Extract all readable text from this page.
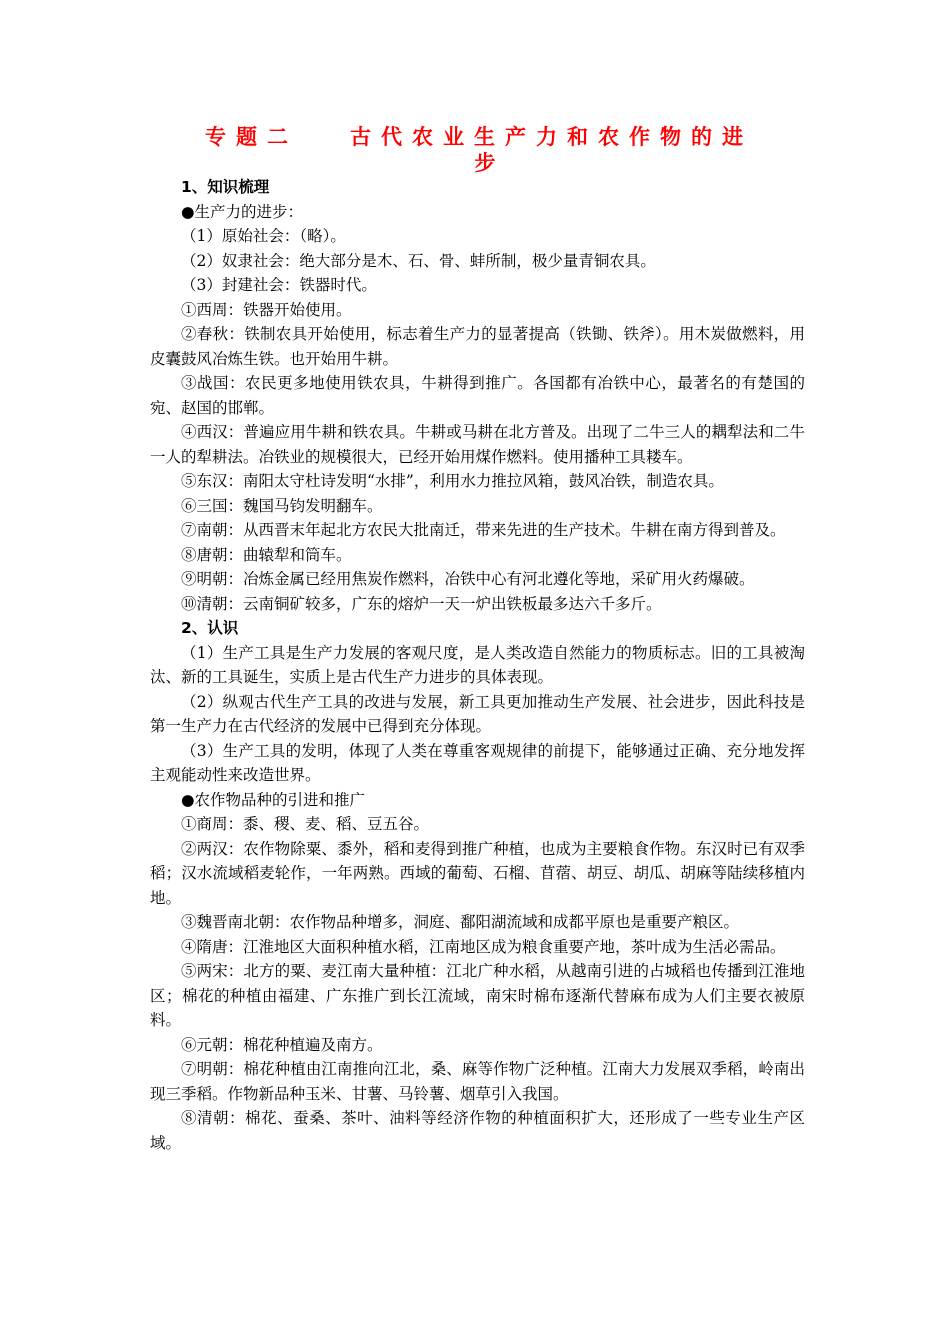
专题二 古代农业生产力和农作物的进
步

1、知识梳理

●生产力的进步：

（1）原始社会：（略）。

（2）奴隶社会：绝大部分是木、石、骨、蚌所制，极少量青铜农具。

（3）封建社会：铁器时代。

①西周：铁器开始使用。

②春秋：铁制农具开始使用，标志着生产力的显著提高（铁锄、铁斧）。用木炭做燃料，用皮囊鼓风冶炼生铁。也开始用牛耕。

③战国：农民更多地使用铁农具，牛耕得到推广。各国都有冶铁中心，最著名的有楚国的宛、赵国的邯郸。

④西汉：普遍应用牛耕和铁农具。牛耕或马耕在北方普及。出现了二牛三人的耦犁法和二牛一人的犁耕法。冶铁业的规模很大，已经开始用煤作燃料。使用播种工具耧车。

⑤东汉：南阳太守杜诗发明“水排”，利用水力推拉风箱，鼓风冶铁，制造农具。

⑥三国：魏国马钧发明翻车。

⑦南朝：从西晋末年起北方农民大批南迁，带来先进的生产技术。牛耕在南方得到普及。

⑧唐朝：曲辕犁和筒车。

⑨明朝：冶炼金属已经用焦炭作燃料，冶铁中心有河北遵化等地，采矿用火药爆破。

⑩清朝：云南铜矿较多，广东的熔炉一天一炉出铁板最多达六千多斤。

2、认识

（1）生产工具是生产力发展的客观尺度，是人类改造自然能力的物质标志。旧的工具被淘汰、新的工具诞生，实质上是古代生产力进步的具体表现。

（2）纵观古代生产工具的改进与发展，新工具更加推动生产发展、社会进步，因此科技是第一生产力在古代经济的发展中已得到充分体现。

（3）生产工具的发明，体现了人类在尊重客观规律的前提下，能够通过正确、充分地发挥主观能动性来改造世界。

●农作物品种的引进和推广

①商周：黍、稷、麦、稻、豆五谷。

②两汉：农作物除粟、黍外，稻和麦得到推广种植，也成为主要粮食作物。东汉时已有双季稻；汉水流域稻麦轮作，一年两熟。西域的葡萄、石榴、苜蓿、胡豆、胡瓜、胡麻等陆续移植内地。

③魏晋南北朝：农作物品种增多，洞庭、鄱阳湖流域和成都平原也是重要产粮区。

④隋唐：江淮地区大面积种植水稻，江南地区成为粮食重要产地，茶叶成为生活必需品。

⑤两宋：北方的粟、麦江南大量种植：江北广种水稻，从越南引进的占城稻也传播到江淮地区；棉花的种植由福建、广东推广到长江流域，南宋时棉布逐渐代替麻布成为人们主要衣被原料。

⑥元朝：棉花种植遍及南方。

⑦明朝：棉花种植由江南推向江北，桑、麻等作物广泛种植。江南大力发展双季稻，岭南出现三季稻。作物新品种玉米、甘薯、马铃薯、烟草引入我国。

⑧清朝：棉花、蚕桑、茶叶、油料等经济作物的种植面积扩大，还形成了一些专业生产区域。
